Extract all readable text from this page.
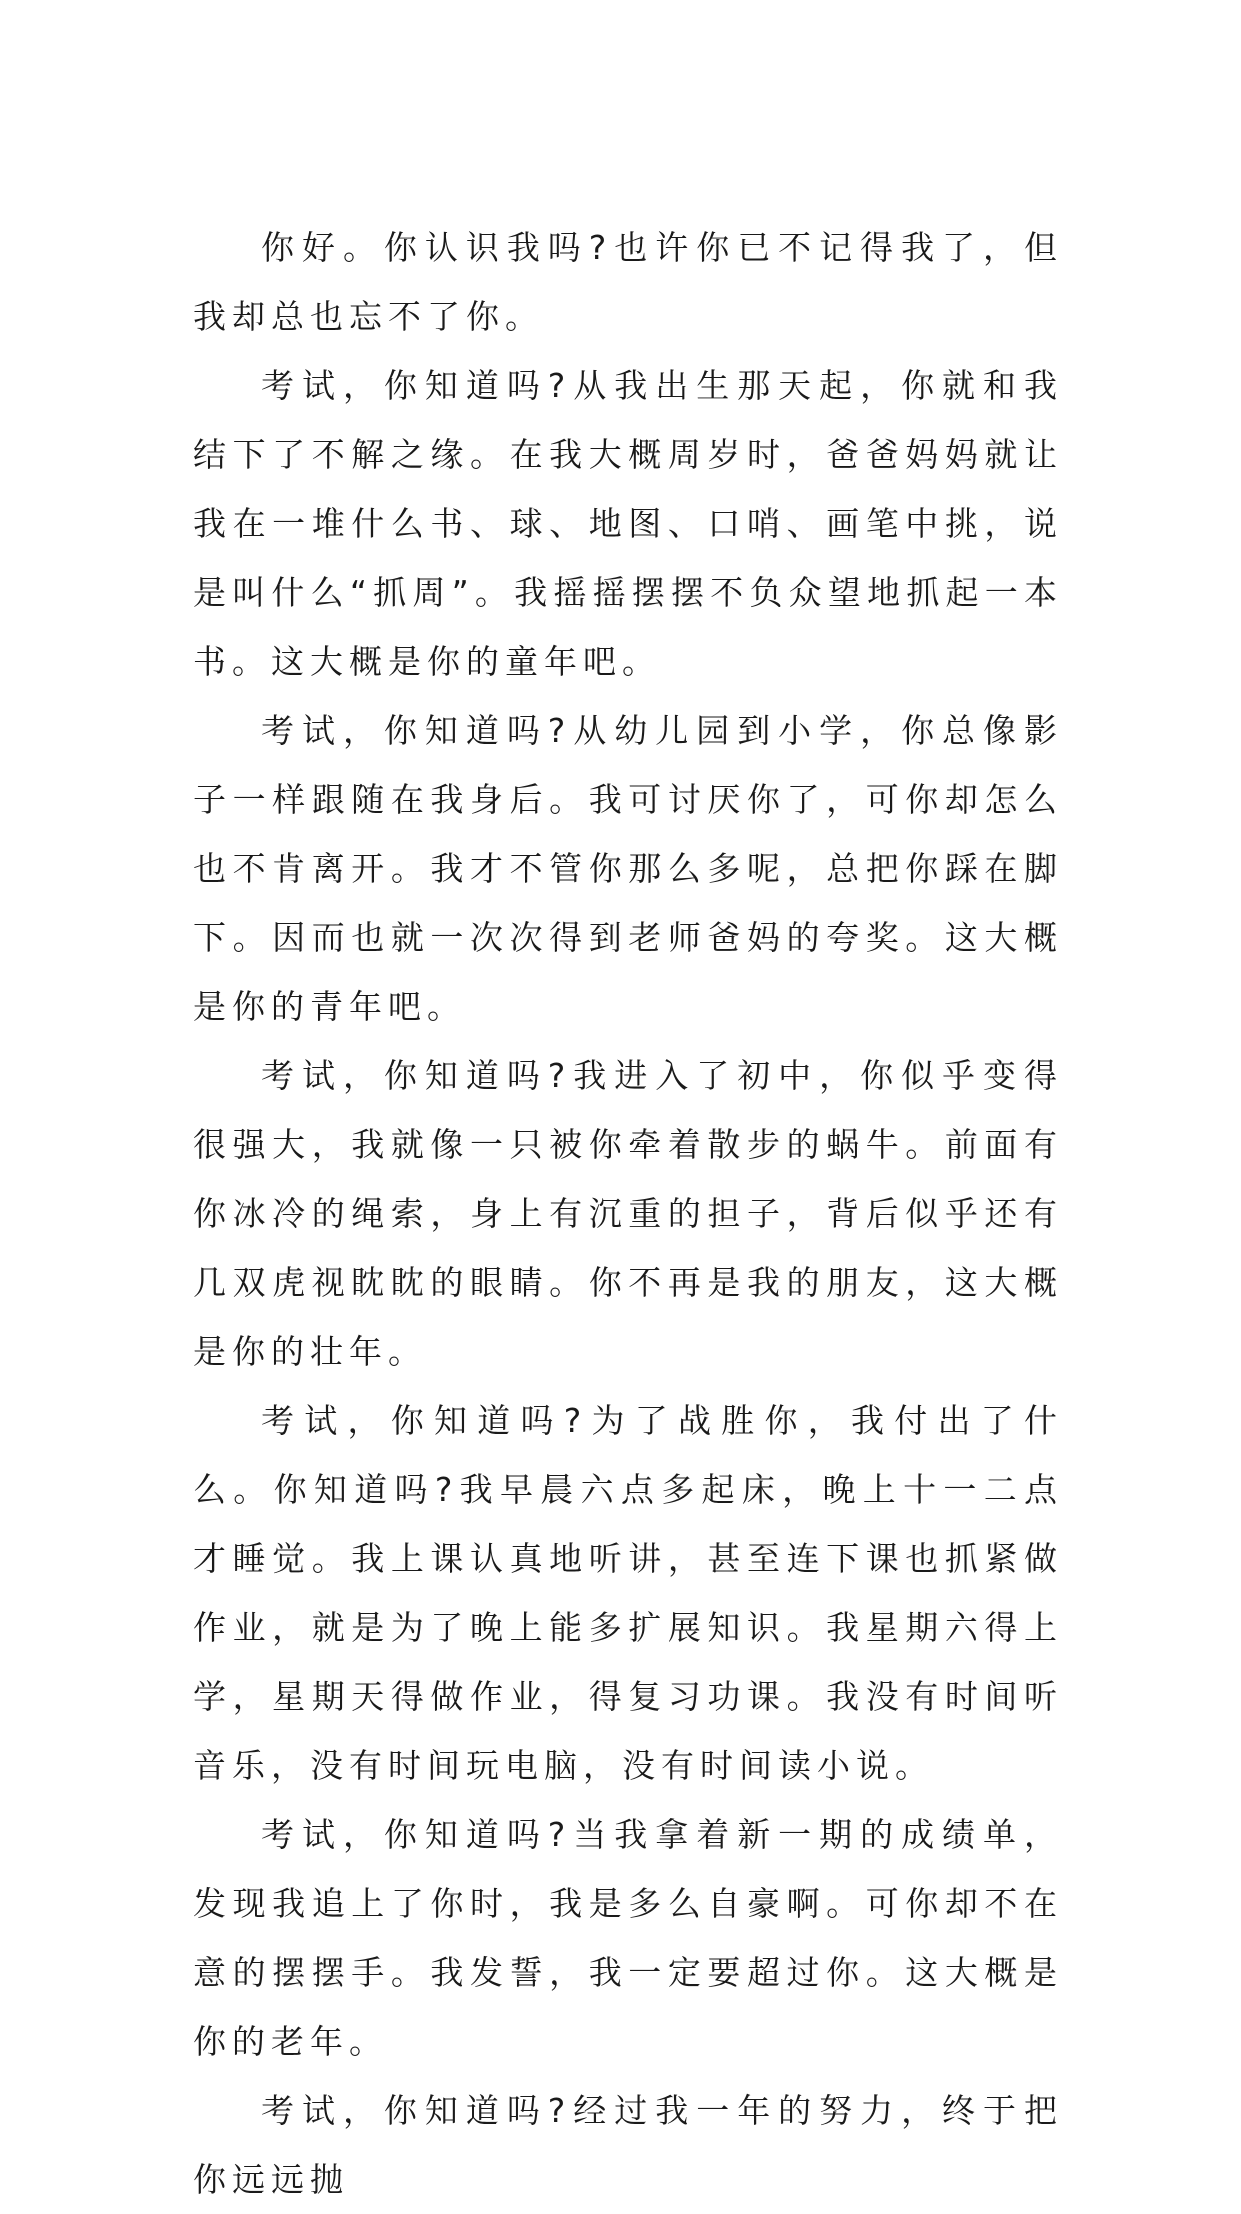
你好。你认识我吗?也许你已不记得我了，但我却总也忘不了你。

考试，你知道吗?从我出生那天起，你就和我结下了不解之缘。在我大概周岁时，爸爸妈妈就让我在一堆什么书、球、地图、口哨、画笔中挑，说是叫什么“抓周”。我摇摇摆摆不负众望地抓起一本书。这大概是你的童年吧。

考试，你知道吗?从幼儿园到小学，你总像影子一样跟随在我身后。我可讨厌你了，可你却怎么也不肯离开。我才不管你那么多呢，总把你踩在脚下。因而也就一次次得到老师爸妈的夸奖。这大概是你的青年吧。

考试，你知道吗?我进入了初中，你似乎变得很强大，我就像一只被你牵着散步的蜗牛。前面有你冰冷的绳索，身上有沉重的担子，背后似乎还有几双虎视眈眈的眼睛。你不再是我的朋友，这大概是你的壮年。

考试，你知道吗?为了战胜你，我付出了什么。你知道吗?我早晨六点多起床，晚上十一二点才睡觉。我上课认真地听讲，甚至连下课也抓紧做作业，就是为了晚上能多扩展知识。我星期六得上学，星期天得做作业，得复习功课。我没有时间听音乐，没有时间玩电脑，没有时间读小说。

考试，你知道吗?当我拿着新一期的成绩单，发现我追上了你时，我是多么自豪啊。可你却不在意的摆摆手。我发誓，我一定要超过你。这大概是你的老年。

考试，你知道吗?经过我一年的努力，终于把你远远抛
